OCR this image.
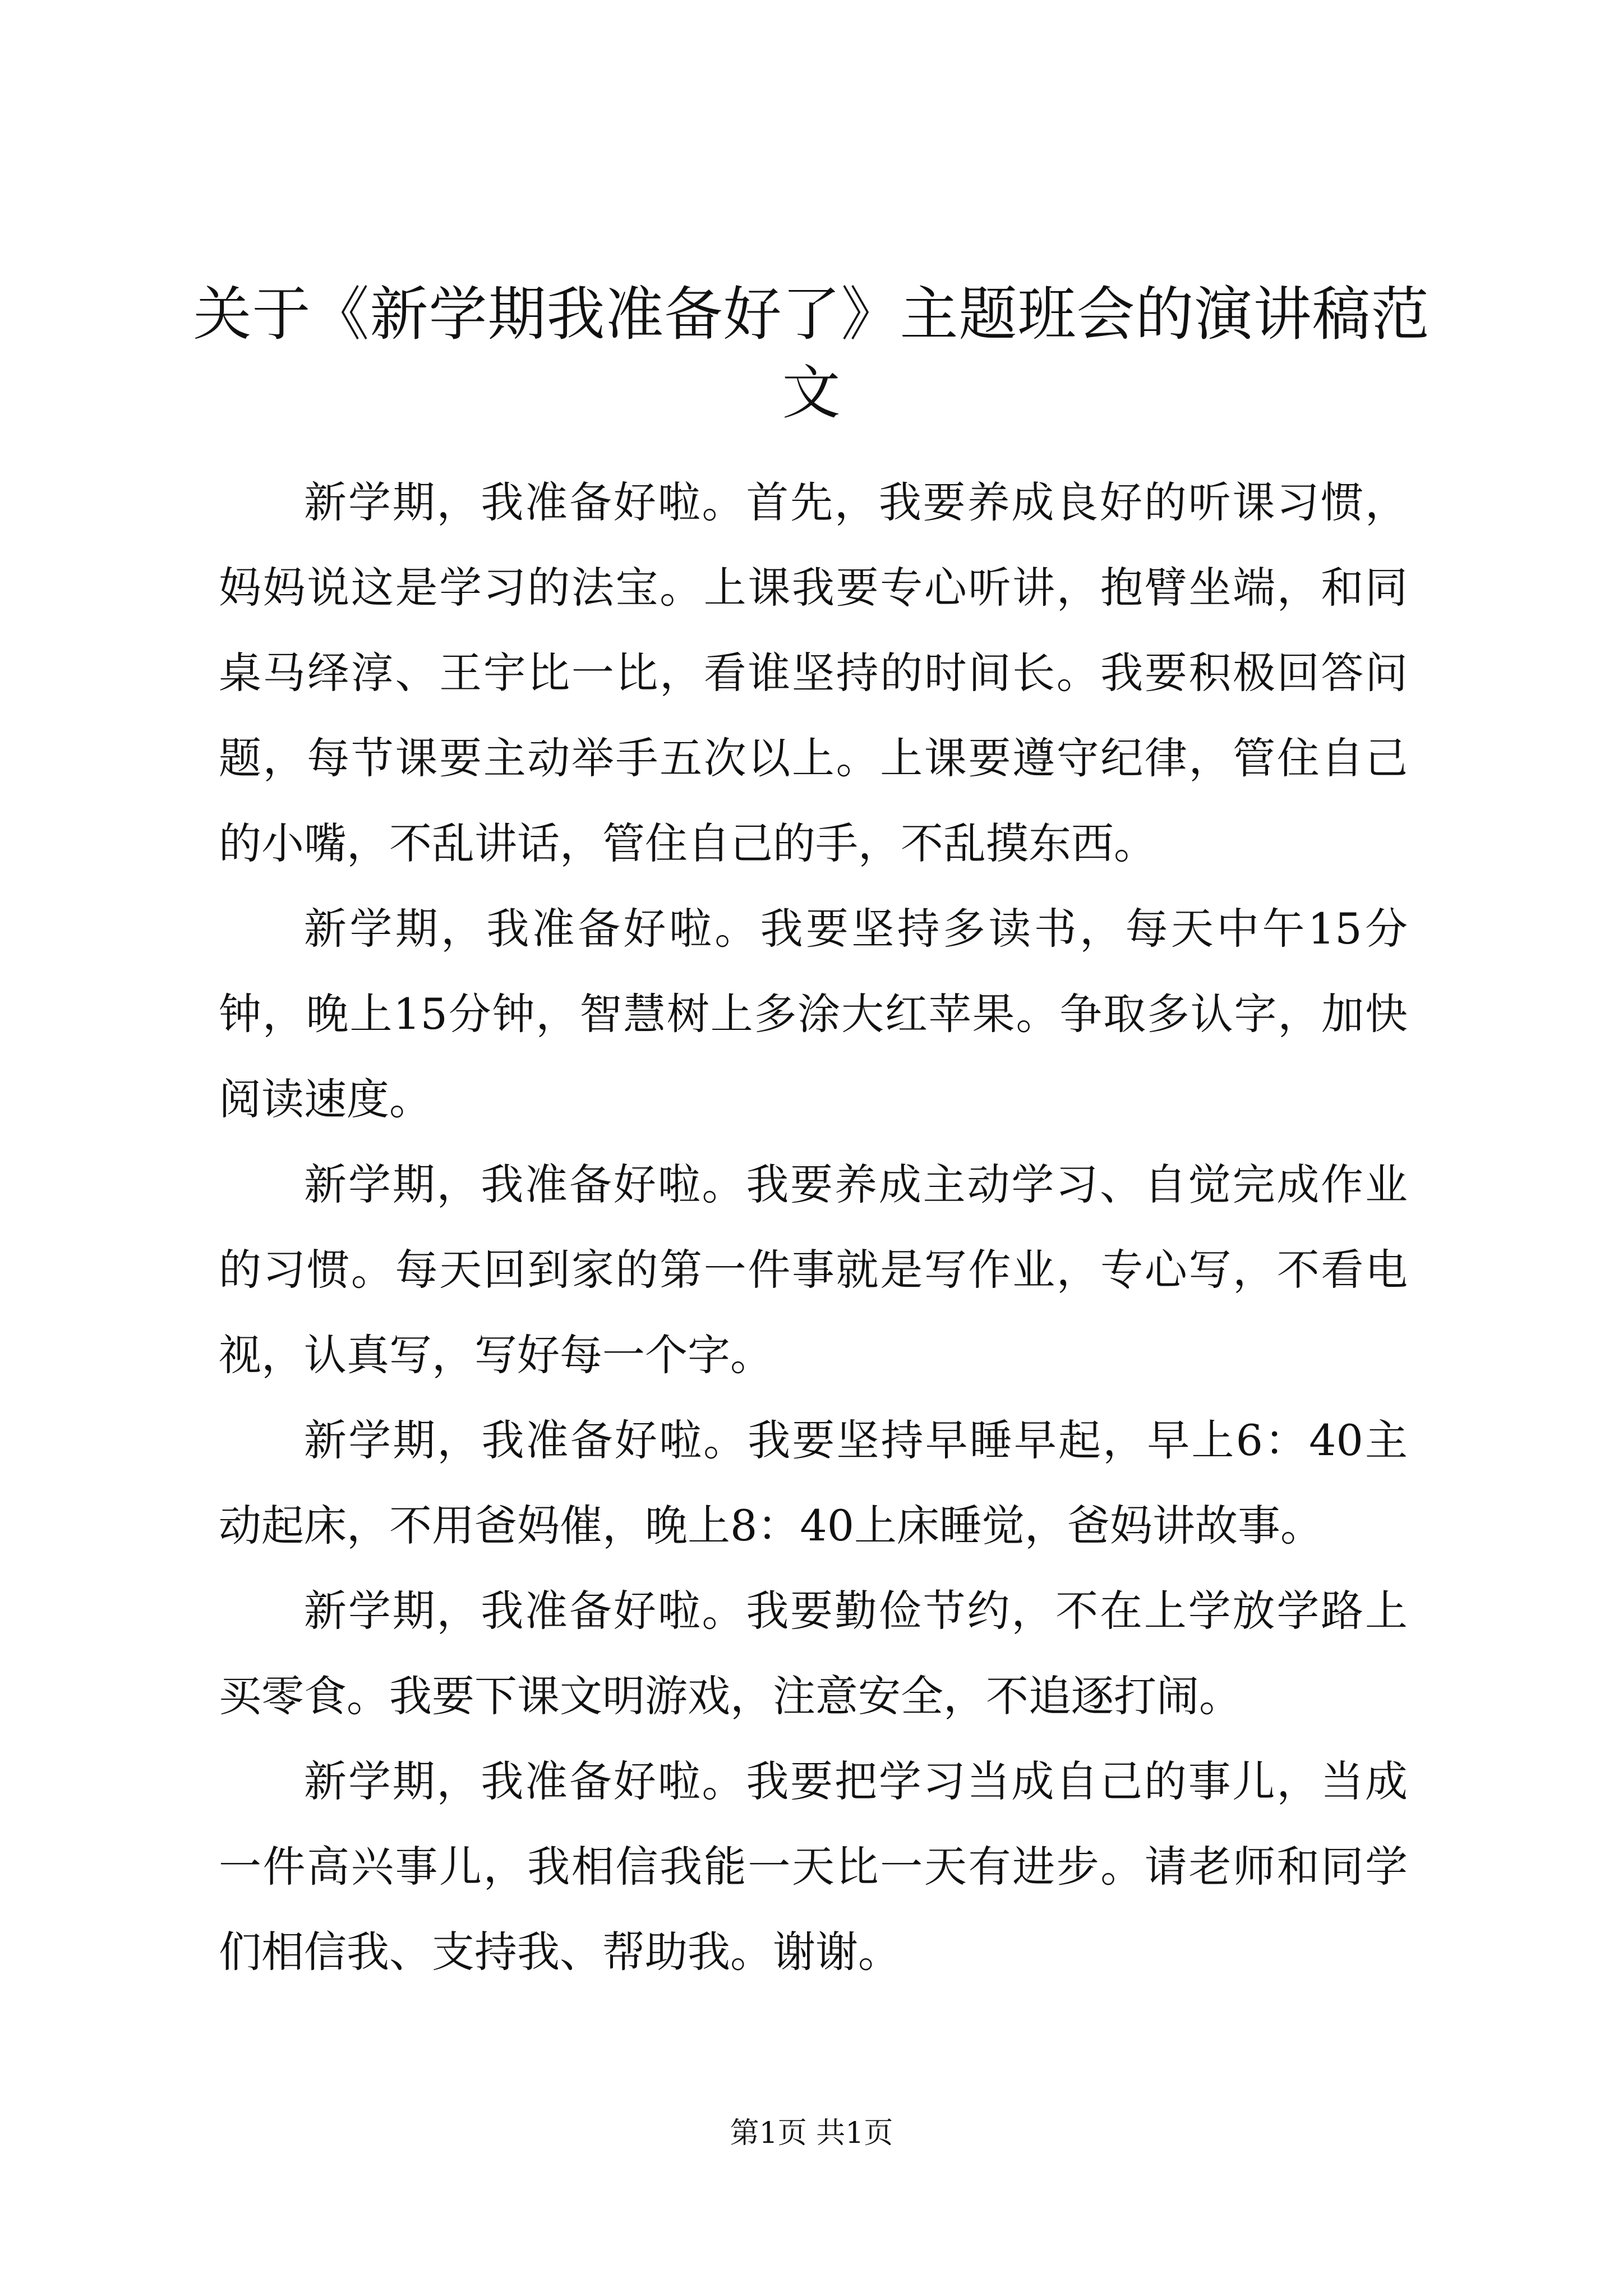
关于《新学期我准备好了》主题班会的演讲稿范文

新学期，我准备好啦。首先，我要养成良好的听课习惯，妈妈说这是学习的法宝。上课我要专心听讲，抱臂坐端，和同桌马绎淳、王宇比一比，看谁坚持的时间长。我要积极回答问题，每节课要主动举手五次以上。上课要遵守纪律，管住自己的小嘴，不乱讲话，管住自己的手，不乱摸东西。

新学期，我准备好啦。我要坚持多读书，每天中午15分钟，晚上15分钟，智慧树上多涂大红苹果。争取多认字，加快阅读速度。

新学期，我准备好啦。我要养成主动学习、自觉完成作业的习惯。每天回到家的第一件事就是写作业，专心写，不看电视，认真写，写好每一个字。

新学期，我准备好啦。我要坚持早睡早起，早上6：40主动起床，不用爸妈催，晚上8：40上床睡觉，爸妈讲故事。

新学期，我准备好啦。我要勤俭节约，不在上学放学路上买零食。我要下课文明游戏，注意安全，不追逐打闹。

新学期，我准备好啦。我要把学习当成自己的事儿，当成一件高兴事儿，我相信我能一天比一天有进步。请老师和同学们相信我、支持我、帮助我。谢谢。

第1页 共1页
